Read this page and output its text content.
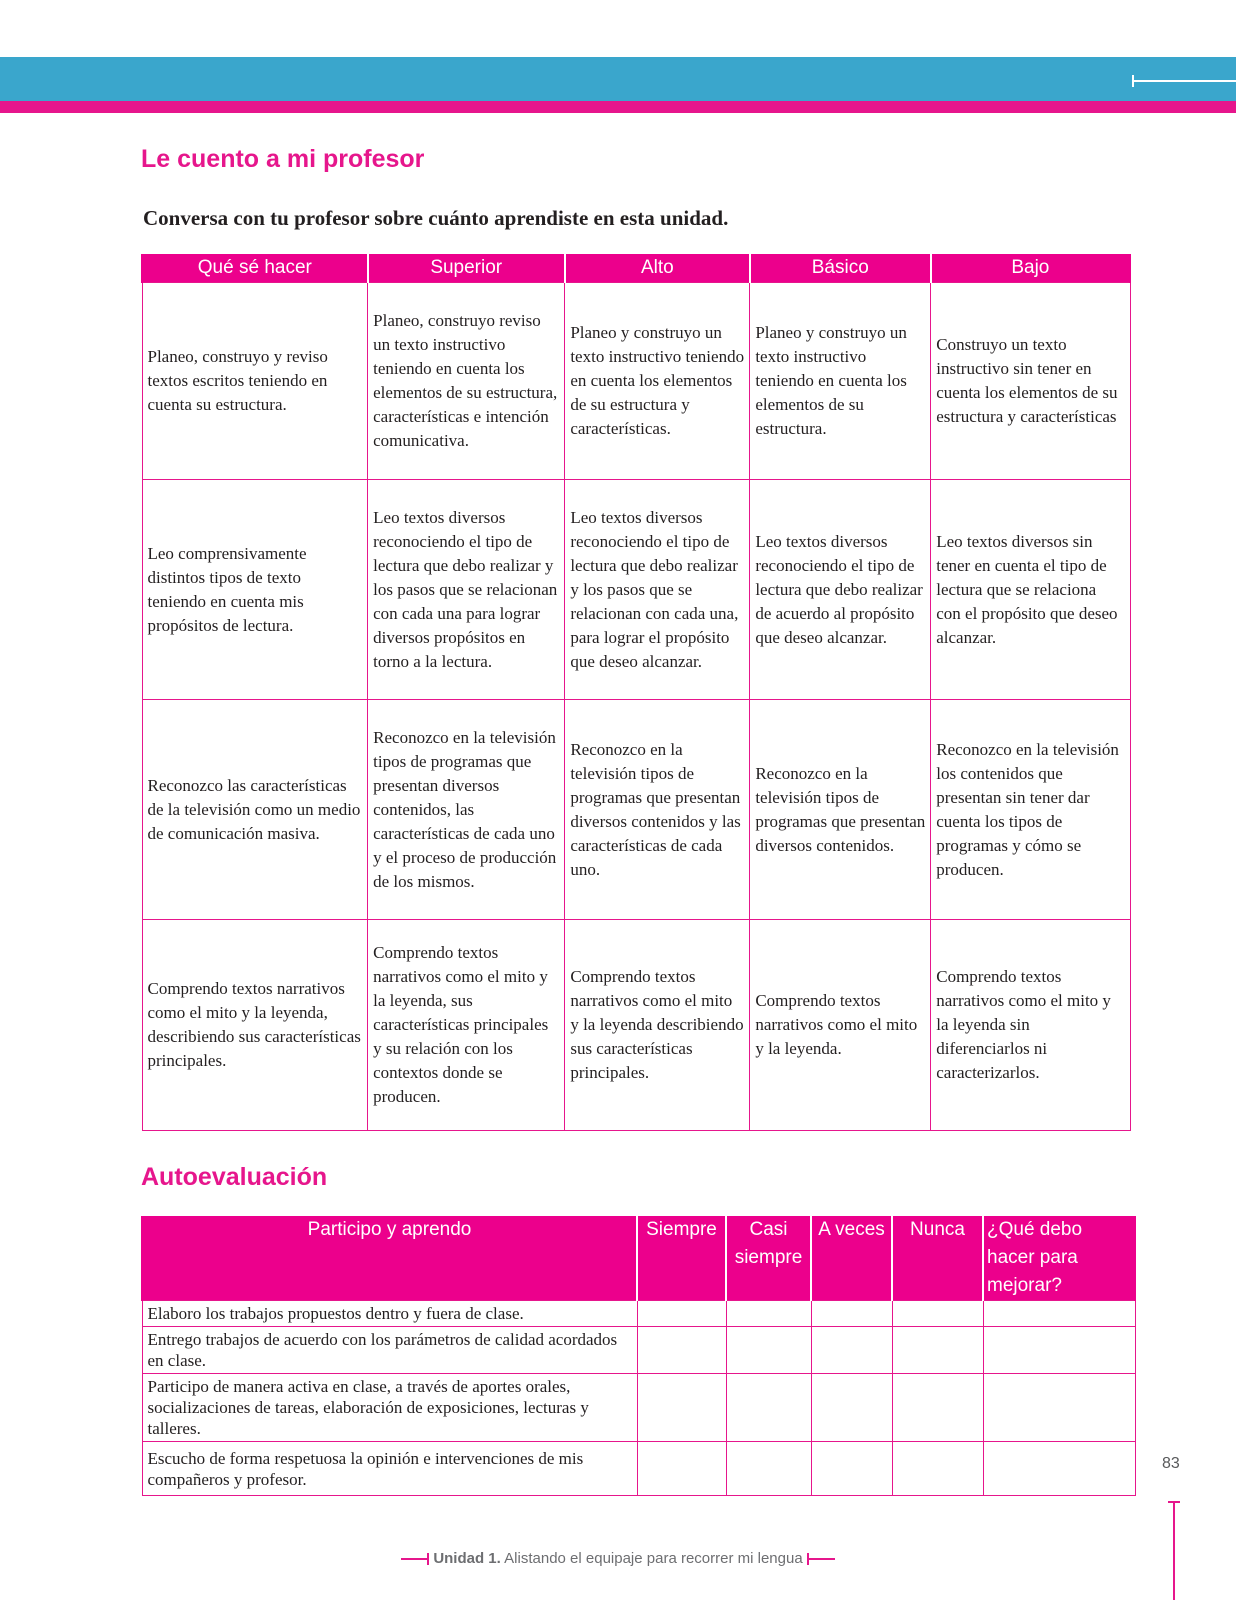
Le cuento a mi profesor

Conversa con tu profesor sobre cuánto aprendiste en esta unidad.

Qué sé hacer	Superior	Alto	Básico	Bajo
Planeo, construyo y reviso textos escritos teniendo en cuenta su estructura.	Planeo, construyo reviso un texto instructivo teniendo en cuenta los elementos de su estructura, características e intención comunicativa.	Planeo y construyo un texto instructivo teniendo en cuenta los elementos de su estructura y características.	Planeo y construyo un texto instructivo teniendo en cuenta los elementos de su estructura.	Construyo un texto instructivo sin tener en cuenta los elementos de su estructura y características
Leo comprensivamente distintos tipos de texto teniendo en cuenta mis propósitos de lectura.	Leo textos diversos reconociendo el tipo de lectura que debo realizar y los pasos que se relacionan con cada una para lograr diversos propósitos en torno a la lectura.	Leo textos diversos reconociendo el tipo de lectura que debo realizar y los pasos que se relacionan con cada una, para lograr el propósito que deseo alcanzar.	Leo textos diversos reconociendo el tipo de lectura que debo realizar de acuerdo al propósito que deseo alcanzar.	Leo textos diversos sin tener en cuenta el tipo de lectura que se relaciona con el propósito que deseo alcanzar.
Reconozco las características de la televisión como un medio de comunicación masiva.	Reconozco en la televisión tipos de programas que presentan diversos contenidos, las características de cada uno y el proceso de producción de los mismos.	Reconozco en la televisión tipos de programas que presentan diversos contenidos y las características de cada uno.	Reconozco en la televisión tipos de programas que presentan diversos contenidos.	Reconozco en la televisión los contenidos que presentan sin tener dar cuenta los tipos de programas y cómo se producen.
Comprendo textos narrativos como el mito y la leyenda, describiendo sus características principales.	Comprendo textos narrativos como el mito y la leyenda, sus características principales y su relación con los contextos donde se producen.	Comprendo textos narrativos como el mito y la leyenda describiendo sus características principales.	Comprendo textos narrativos como el mito y la leyenda.	Comprendo textos narrativos como el mito y la leyenda sin diferenciarlos ni caracterizarlos.
Autoevaluación
Participo y aprendo	Siempre	Casi siempre	A veces	Nunca	¿Qué debo hacer para mejorar?
Elaboro los trabajos propuestos dentro y fuera de clase.					
Entrego trabajos de acuerdo con los parámetros de calidad acordados en clase.					
Participo de manera activa en clase, a través de aportes orales, socializaciones de tareas, elaboración de exposiciones, lecturas y talleres.					
Escucho de forma respetuosa la opinión e intervenciones de mis compañeros y profesor.					
83
Unidad 1. Alistando el equipaje para recorrer mi lengua
